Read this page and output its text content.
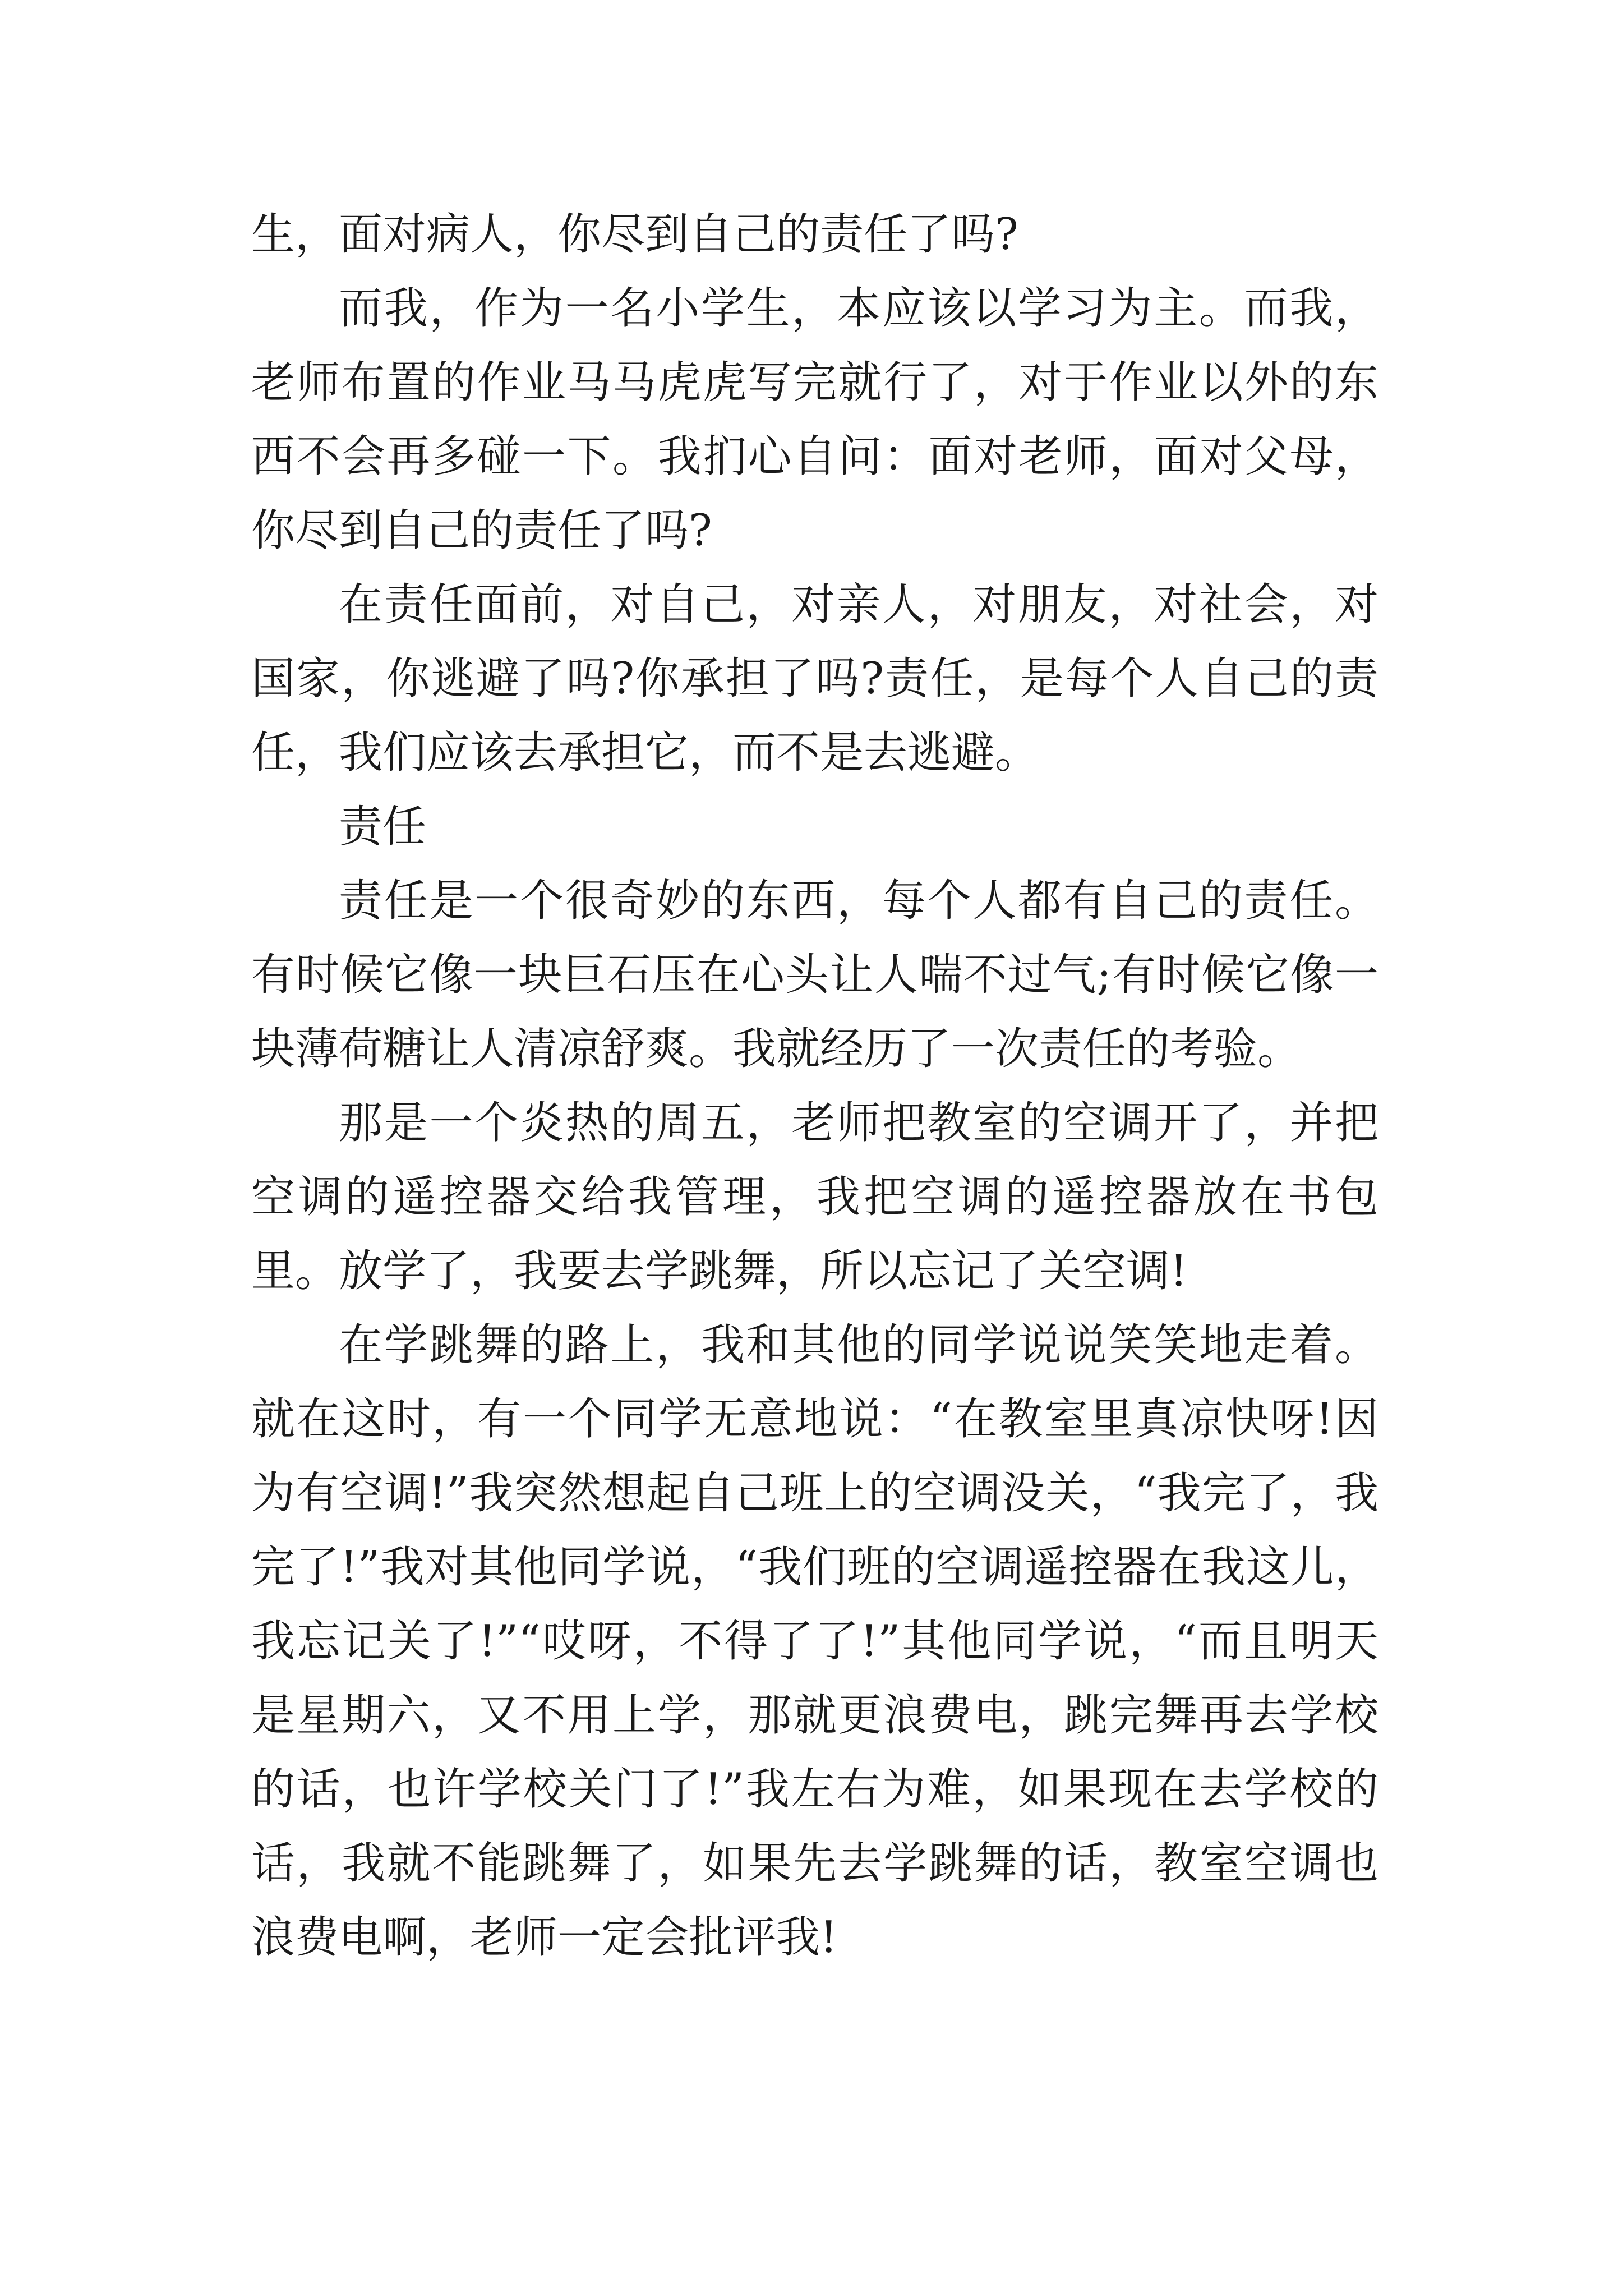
生，面对病人，你尽到自己的责任了吗?

而我，作为一名小学生，本应该以学习为主。而我，老师布置的作业马马虎虎写完就行了，对于作业以外的东西不会再多碰一下。我扪心自问：面对老师，面对父母，你尽到自己的责任了吗?

在责任面前，对自己，对亲人，对朋友，对社会，对国家，你逃避了吗?你承担了吗?责任，是每个人自己的责任，我们应该去承担它，而不是去逃避。

责任

责任是一个很奇妙的东西，每个人都有自己的责任。有时候它像一块巨石压在心头让人喘不过气;有时候它像一块薄荷糖让人清凉舒爽。我就经历了一次责任的考验。

那是一个炎热的周五，老师把教室的空调开了，并把空调的遥控器交给我管理，我把空调的遥控器放在书包里。放学了，我要去学跳舞，所以忘记了关空调!

在学跳舞的路上，我和其他的同学说说笑笑地走着。就在这时，有一个同学无意地说：“在教室里真凉快呀!因为有空调!”我突然想起自己班上的空调没关，“我完了，我完了!”我对其他同学说，“我们班的空调遥控器在我这儿，我忘记关了!”“哎呀，不得了了!”其他同学说，“而且明天是星期六，又不用上学，那就更浪费电，跳完舞再去学校的话，也许学校关门了!”我左右为难，如果现在去学校的话，我就不能跳舞了，如果先去学跳舞的话，教室空调也浪费电啊，老师一定会批评我!
